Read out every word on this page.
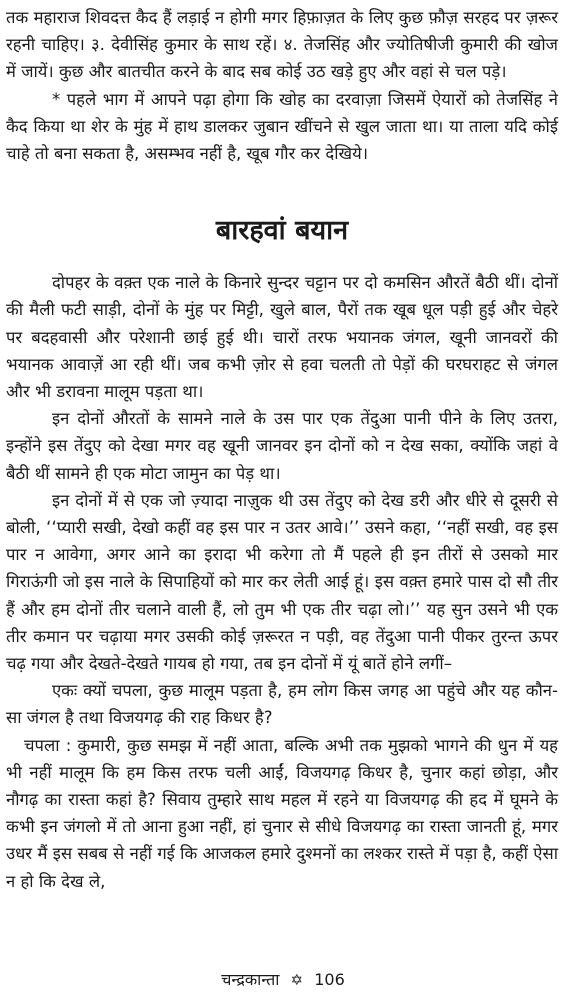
तक महाराज शिवदत्त कैद हैं लड़ाई न होगी मगर हिफ़ाज़त के लिए कुछ फ़ौज़ सरहद पर ज़रूर रहनी चाहिए। ३. देवीसिंह कुमार के साथ रहें। ४. तेजसिंह और ज्योतिषीजी कुमारी की खोज में जायें। कुछ और बातचीत करने के बाद सब कोई उठ खड़े हुए और वहां से चल पड़े।

* पहले भाग में आपने पढ़ा होगा कि खोह का दरवाज़ा जिसमें ऐयारों को तेजसिंह ने कैद किया था शेर के मुंह में हाथ डालकर जुबान खींचने से खुल जाता था। या ताला यदि कोई चाहे तो बना सकता है, असम्भव नहीं है, खूब गौर कर देखिये।

बारहवां बयान

दोपहर के वक़्त एक नाले के किनारे सुन्दर चट्टान पर दो कमसिन औरतें बैठी थीं। दोनों की मैली फटी साड़ी, दोनों के मुंह पर मिट्टी, खुले बाल, पैरों तक खूब धूल पड़ी हुई और चेहरे पर बदहवासी और परेशानी छाई हुई थी। चारों तरफ भयानक जंगल, खूनी जानवरों की भयानक आवाज़ें आ रही थीं। जब कभी ज़ोर से हवा चलती तो पेड़ों की घरघराहट से जंगल और भी डरावना मालूम पड़ता था।

इन दोनों औरतों के सामने नाले के उस पार एक तेंदुआ पानी पीने के लिए उतरा, इन्होंने इस तेंदुए को देखा मगर वह खूनी जानवर इन दोनों को न देख सका, क्योंकि जहां वे बैठी थीं सामने ही एक मोटा जामुन का पेड़ था।

इन दोनों में से एक जो ज़्यादा नाज़ुक थी उस तेंदुए को देख डरी और धीरे से दूसरी से बोली, ‘‘प्यारी सखी, देखो कहीं वह इस पार न उतर आवे।’’ उसने कहा, ‘‘नहीं सखी, वह इस पार न आवेगा, अगर आने का इरादा भी करेगा तो मैं पहले ही इन तीरों से उसको मार गिराऊंगी जो इस नाले के सिपाहियों को मार कर लेती आई हूं। इस वक़्त हमारे पास दो सौ तीर हैं और हम दोनों तीर चलाने वाली हैं, लो तुम भी एक तीर चढ़ा लो।’’ यह सुन उसने भी एक तीर कमान पर चढ़ाया मगर उसकी कोई ज़रूरत न पड़ी, वह तेंदुआ पानी पीकर तुरन्त ऊपर चढ़ गया और देखते-देखते गायब हो गया, तब इन दोनों में यूं बातें होने लगीं–

एकः क्यों चपला, कुछ मालूम पड़ता है, हम लोग किस जगह आ पहुंचे और यह कौन-सा जंगल है तथा विजयगढ़ की राह किधर है?

चपला : कुमारी, कुछ समझ में नहीं आता, बल्कि अभी तक मुझको भागने की धुन में यह भी नहीं मालूम कि हम किस तरफ चली आईं, विजयगढ़ किधर है, चुनार कहां छोड़ा, और नौगढ़ का रास्ता कहां है? सिवाय तुम्हारे साथ महल में रहने या विजयगढ़ की हद में घूमने के कभी इन जंगलो में तो आना हुआ नहीं, हां चुनार से सीधे विजयगढ़ का रास्ता जानती हूं, मगर उधर मैं इस सबब से नहीं गई कि आजकल हमारे दुश्मनों का लश्कर रास्ते में पड़ा है, कहीं ऐसा न हो कि देख ले,

चन्द्रकान्ता ✡ 106
